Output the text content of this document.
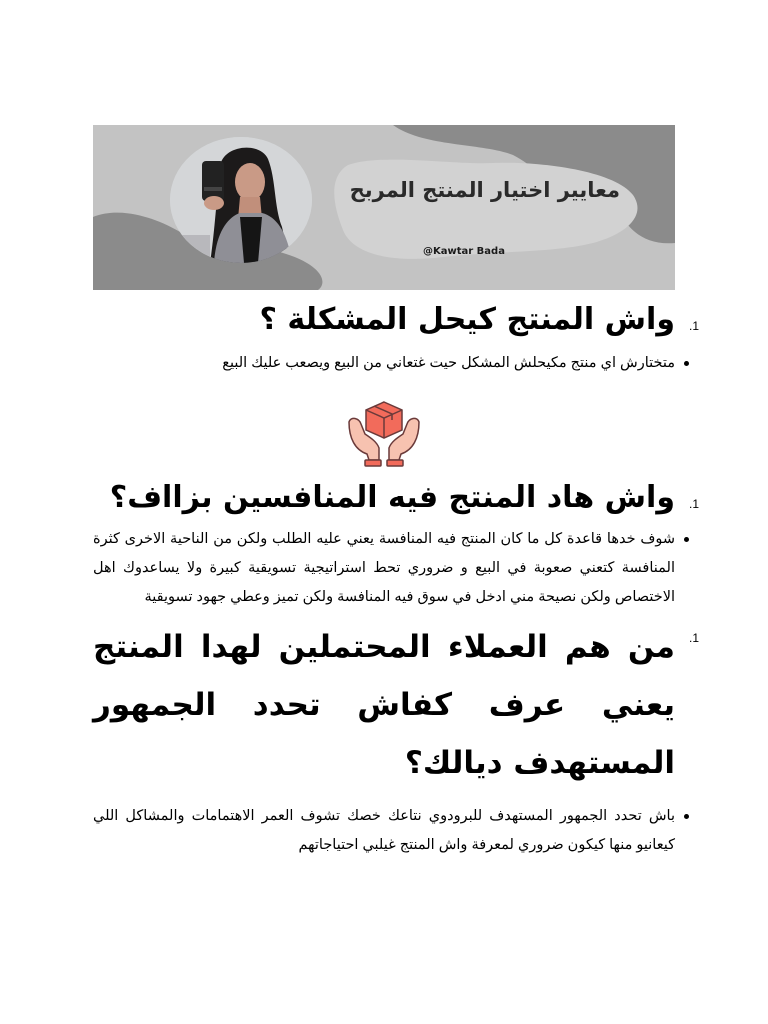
معايير اختيار المنتج المربح
@Kawtar Bada
1.
واش المنتج كيحل المشكلة ؟
متختارش اي منتج مكيحلش المشكل حيت غتعاني من البيع ويصعب عليك البيع
1.
واش هاد المنتج فيه المنافسين بزااف؟
شوف خدها قاعدة كل ما كان المنتج فيه المنافسة يعني عليه الطلب ولكن من الناحية الاخرى كثرة المنافسة كتعني صعوبة في البيع و ضروري تحط استراتيجية تسويقية كبيرة ولا يساعدوك اهل الاختصاص ولكن نصيحة مني ادخل في سوق فيه المنافسة ولكن تميز وعطي جهود تسويقية
1.
من هم العملاء المحتملين لهدا المنتج يعني عرف كفاش تحدد الجمهور المستهدف ديالك؟
باش تحدد الجمهور المستهدف للبرودوي نتاعك خصك تشوف العمر الاهتمامات والمشاكل اللي كيعانيو منها كيكون ضروري لمعرفة واش المنتج غيلبي احتياجاتهم
